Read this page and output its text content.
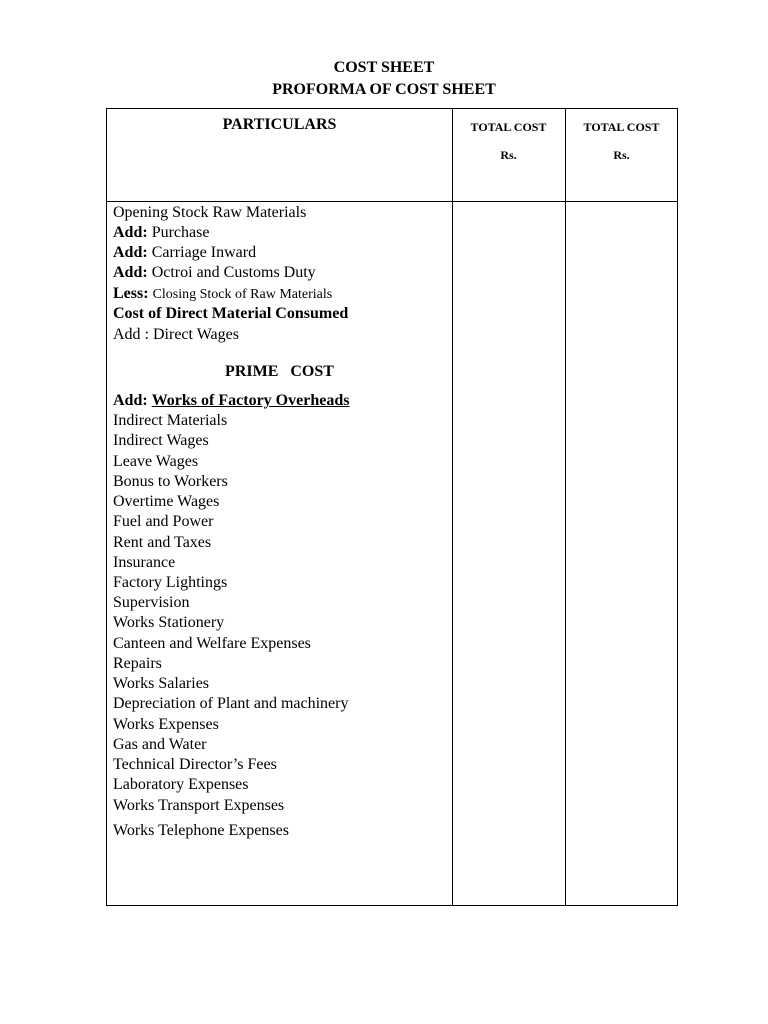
COST SHEET
PROFORMA OF COST SHEET
PARTICULARS	TOTAL COST
Rs.
TOTAL COST
Rs.
Opening Stock Raw Materials
Add: Purchase
Add: Carriage Inward
Add: Octroi and Customs Duty
Less: Closing Stock of Raw Materials
Cost of Direct Material Consumed
Add : Direct Wages
PRIME COST
Add: Works of Factory Overheads
Indirect Materials
Indirect Wages
Leave Wages
Bonus to Workers
Overtime Wages
Fuel and Power
Rent and Taxes
Insurance
Factory Lightings
Supervision
Works Stationery
Canteen and Welfare Expenses
Repairs
Works Salaries
Depreciation of Plant and machinery
Works Expenses
Gas and Water
Technical Director’s Fees
Laboratory Expenses
Works Transport Expenses
Works Telephone Expenses
